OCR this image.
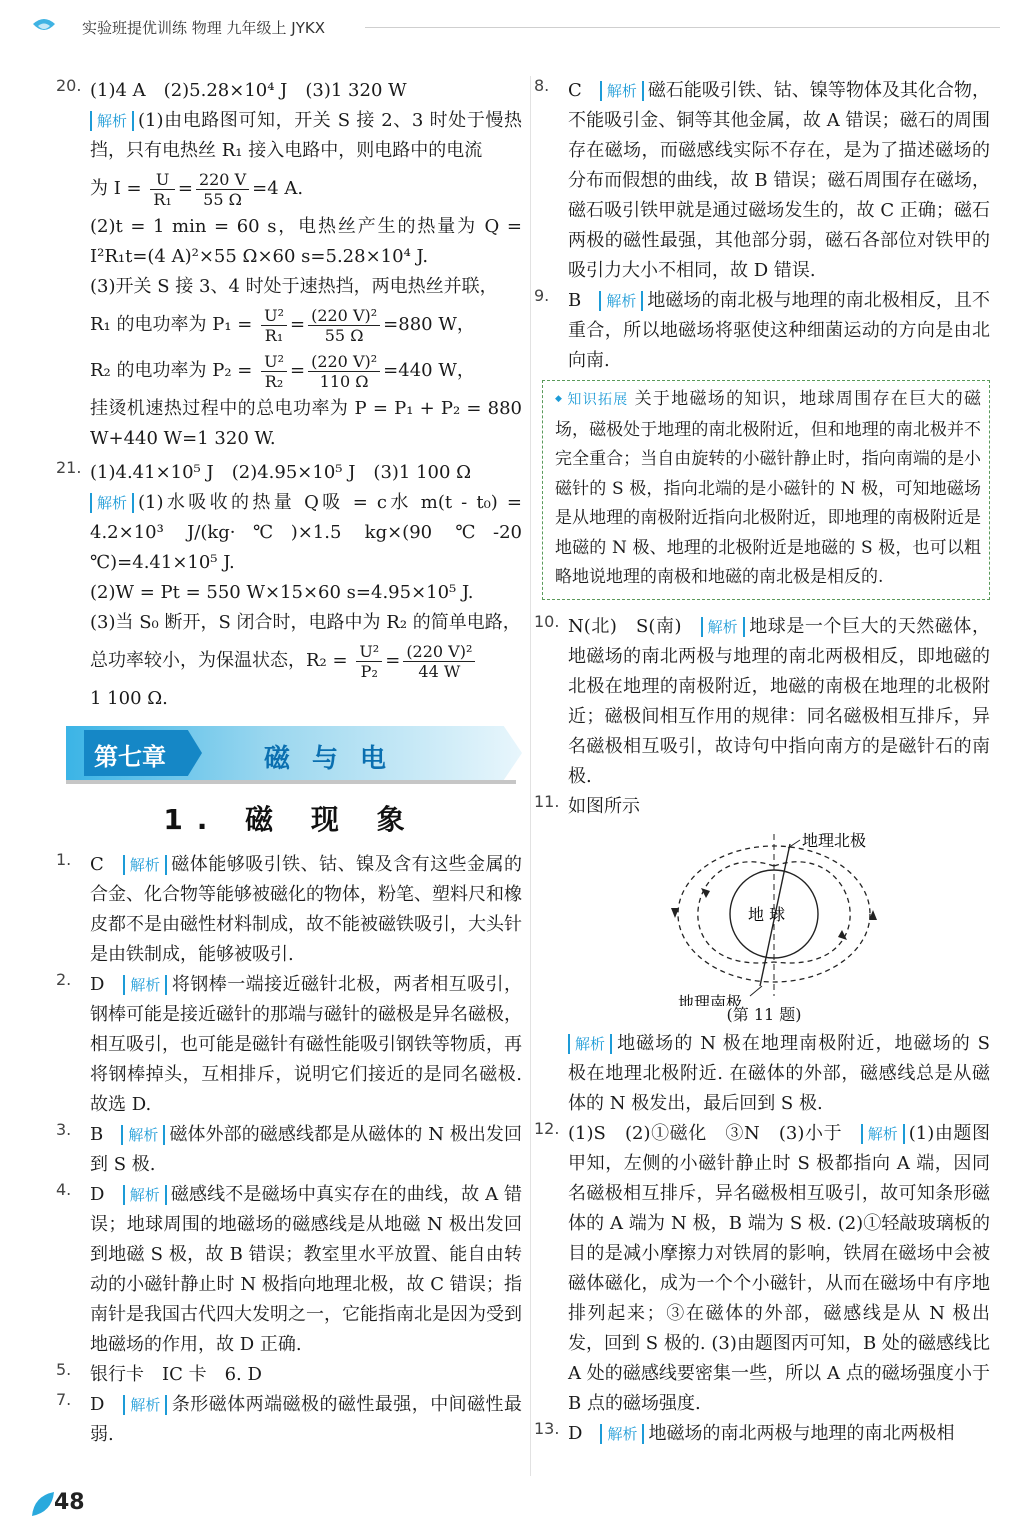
实验班提优训练 物理 九年级上 JYKX
20. (1)4 A　(2)5.28×10⁴ J　(3)1 320 W

解析 (1)由电路图可知，开关 S 接 2、3 时处于慢热挡，只有电热丝 R₁ 接入电路中，则电路中的电流

为 $I = \frac{U}{\text{R₁}} = \frac{220 V}{55 \Omega} =4$ A.

(2)t = 1 min = 60 s，电热丝产生的热量为 Q = I²R₁t=(4 A)²×55 Ω×60 s=5.28×10⁴ J.

(3)开关 S 接 3、4 时处于速热挡，两电热丝并联，

R₁ 的电功率为 $P_1 = \frac{\text{U²}}{\text{R₁}} = \frac{\text{(220 V)²}}{55 \Omega} =880$ W，

R₂ 的电功率为 $P_2 = \frac{\text{U²}}{\text{R₂}} = \frac{\text{(220 V)²}}{110 \Omega} =440$ W，

挂烫机速热过程中的总电功率为 P = P₁ + P₂ = 880 W+440 W=1 320 W.

21. (1)4.41×10⁵ J　(2)4.95×10⁵ J　(3)1 100 Ω

解析 (1)水吸收的热量 Q吸 = c水 m(t - t₀) = 4.2×10³ J/(kg·℃)×1.5 kg×(90 ℃-20 ℃)=4.41×10⁵ J.

(2)W = Pt = 550 W×15×60 s=4.95×10⁵ J.

(3)当 S₀ 断开，S 闭合时，电路中为 R₂ 的简单电路，

总功率较小，为保温状态，$R_2 = \frac{\text{U²}}{\text{P₂}} = \frac{\text{(220 V)²}}{44 W}$

1 100 Ω.

第七章	磁与电
1. 磁 现 象
1. C　 解析 磁体能够吸引铁、钴、镍及含有这些金属的合金、化合物等能够被磁化的物体，粉笔、塑料尺和橡皮都不是由磁性材料制成，故不能被磁铁吸引，大头针是由铁制成，能够被吸引.

2. D　 解析 将钢棒一端接近磁针北极，两者相互吸引，钢棒可能是接近磁针的那端与磁针的磁极是异名磁极，相互吸引，也可能是磁针有磁性能吸引钢铁等物质，再将钢棒掉头，互相排斥，说明它们接近的是同名磁极. 故选 D.

3. B　 解析 磁体外部的磁感线都是从磁体的 N 极出发回到 S 极.

4. D　 解析 磁感线不是磁场中真实存在的曲线，故 A 错误；地球周围的地磁场的磁感线是从地磁 N 极出发回到地磁 S 极，故 B 错误；教室里水平放置、能自由转动的小磁针静止时 N 极指向地理北极，故 C 错误；指南针是我国古代四大发明之一，它能指南北是因为受到地磁场的作用，故 D 正确.

5. 银行卡　IC 卡　6. D

7. D　 解析 条形磁体两端磁极的磁性最强，中间磁性最弱.

8. C　 解析 磁石能吸引铁、钴、镍等物体及其化合物，不能吸引金、铜等其他金属，故 A 错误；磁石的周围存在磁场，而磁感线实际不存在，是为了描述磁场的分布而假想的曲线，故 B 错误；磁石周围存在磁场，磁石吸引铁甲就是通过磁场发生的，故 C 正确；磁石两极的磁性最强，其他部分弱，磁石各部位对铁甲的吸引力大小不相同，故 D 错误.

9. B　 解析 地磁场的南北极与地理的南北极相反，且不重合，所以地磁场将驱使这种细菌运动的方向是由北向南.

◆ 知识拓展 关于地磁场的知识，地球周围存在巨大的磁场，磁极处于地理的南北极附近，但和地理的南北极并不完全重合；当自由旋转的小磁针静止时，指向南端的是小磁针的 S 极，指向北端的是小磁针的 N 极，可知地磁场是从地理的南极附近指向北极附近，即地理的南极附近是地磁的 N 极、地理的北极附近是地磁的 S 极，也可以粗略地说地理的南极和地磁的南北极是相反的.

10. N(北)　S(南)　 解析 地球是一个巨大的天然磁体，地磁场的南北两极与地理的南北两极相反，即地磁的北极在地理的南极附近，地磁的南极在地理的北极附近；磁极间相互作用的规律：同名磁极相互排斥，异名磁极相互吸引，故诗句中指向南方的是磁针石的南极.

11. 如图所示

地理北极
地理南极
地 球
(第 11 题)

解析 地磁场的 N 极在地理南极附近，地磁场的 S 极在地理北极附近. 在磁体的外部，磁感线总是从磁体的 N 极发出，最后回到 S 极.

12. (1)S　(2)①磁化　③N　(3)小于　 解析 (1)由题图甲知，左侧的小磁针静止时 S 极都指向 A 端，因同名磁极相互排斥，异名磁极相互吸引，故可知条形磁体的 A 端为 N 极，B 端为 S 极. (2)①轻敲玻璃板的目的是减小摩擦力对铁屑的影响，铁屑在磁场中会被磁体磁化，成为一个个小磁针，从而在磁场中有序地排列起来；③在磁体的外部，磁感线是从 N 极出发，回到 S 极的. (3)由题图丙可知，B 处的磁感线比 A 处的磁感线要密集一些，所以 A 点的磁场强度小于 B 点的磁场强度.

13. D　 解析 地磁场的南北两极与地理的南北两极相

48
